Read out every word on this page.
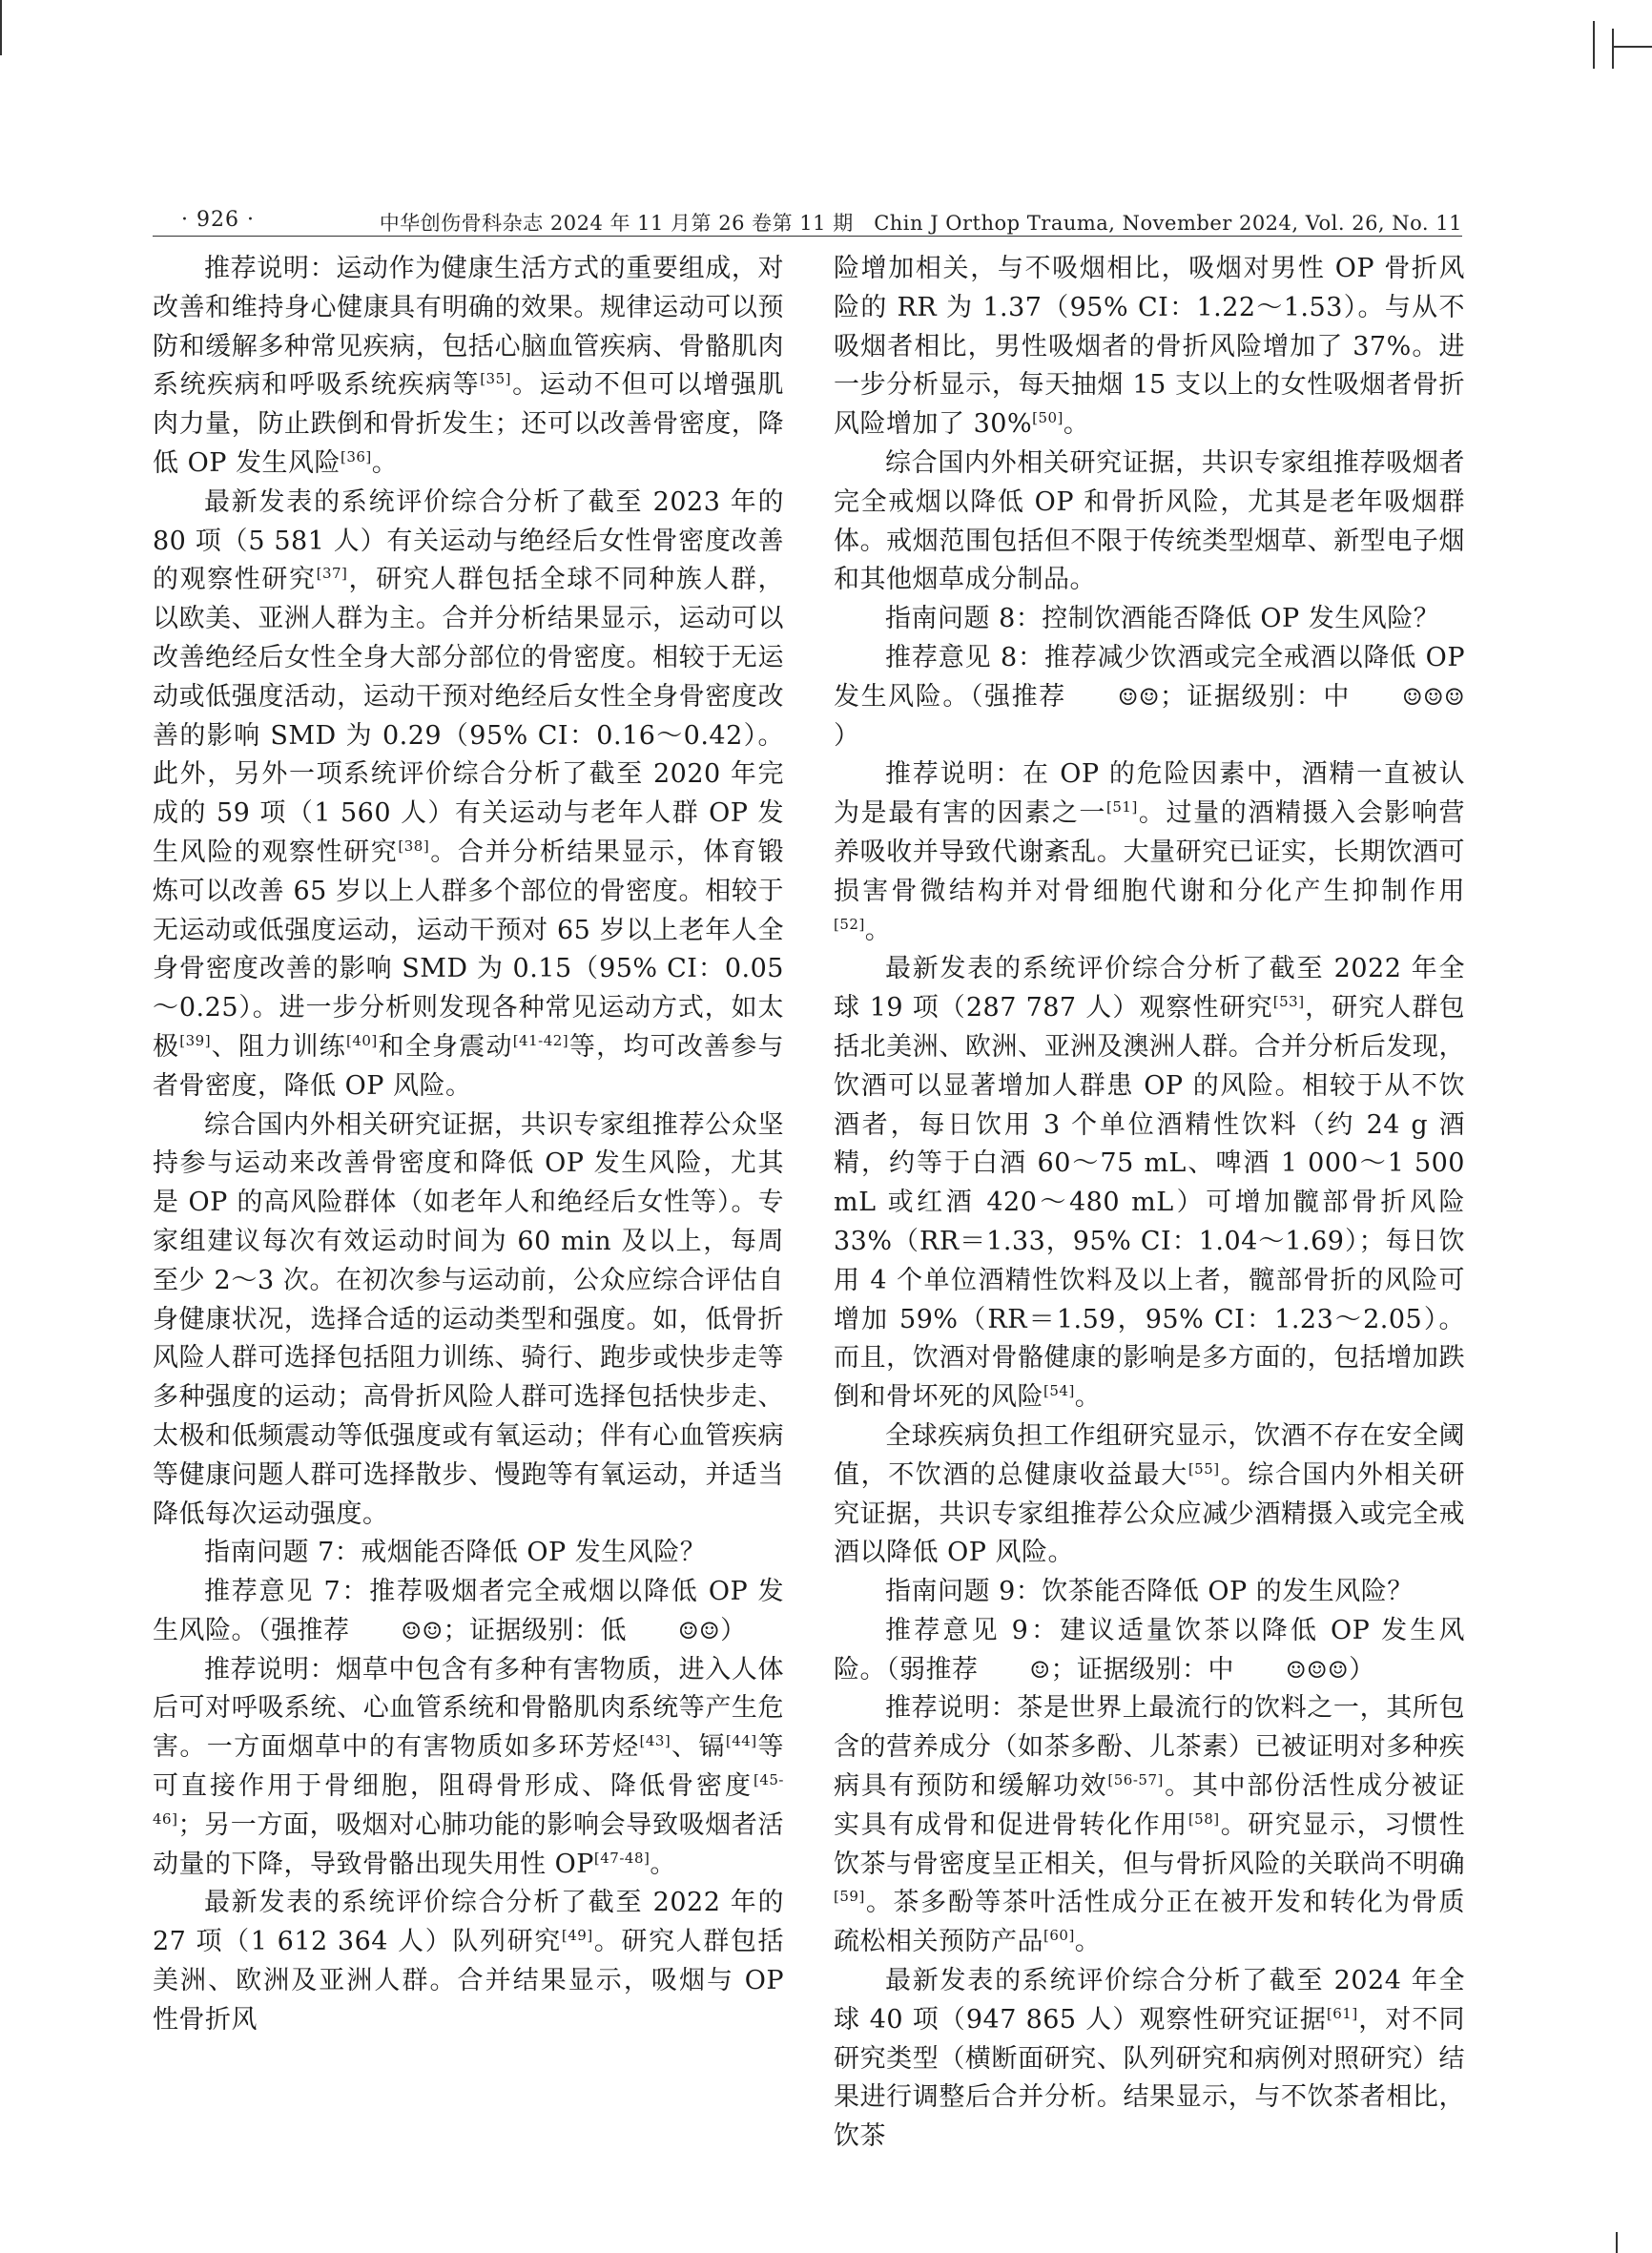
· 926 ·	中华创伤骨科杂志 2024 年 11 月第 26 卷第 11 期　Chin J Orthop Trauma, November 2024, Vol. 26, No. 11

推荐说明：运动作为健康生活方式的重要组成，对改善和维持身心健康具有明确的效果。规律运动可以预防和缓解多种常见疾病，包括心脑血管疾病、骨骼肌肉系统疾病和呼吸系统疾病等[35]。运动不但可以增强肌肉力量，防止跌倒和骨折发生；还可以改善骨密度，降低 OP 发生风险[36]。

最新发表的系统评价综合分析了截至 2023 年的 80 项（5 581 人）有关运动与绝经后女性骨密度改善的观察性研究[37]，研究人群包括全球不同种族人群，以欧美、亚洲人群为主。合并分析结果显示，运动可以改善绝经后女性全身大部分部位的骨密度。相较于无运动或低强度活动，运动干预对绝经后女性全身骨密度改善的影响 SMD 为 0.29（95% CI：0.16～0.42）。此外，另外一项系统评价综合分析了截至 2020 年完成的 59 项（1 560 人）有关运动与老年人群 OP 发生风险的观察性研究[38]。合并分析结果显示，体育锻炼可以改善 65 岁以上人群多个部位的骨密度。相较于无运动或低强度运动，运动干预对 65 岁以上老年人全身骨密度改善的影响 SMD 为 0.15（95% CI：0.05～0.25）。进一步分析则发现各种常见运动方式，如太极[39]、阻力训练[40]和全身震动[41-42]等，均可改善参与者骨密度，降低 OP 风险。

综合国内外相关研究证据，共识专家组推荐公众坚持参与运动来改善骨密度和降低 OP 发生风险，尤其是 OP 的高风险群体（如老年人和绝经后女性等）。专家组建议每次有效运动时间为 60 min 及以上，每周至少 2～3 次。在初次参与运动前，公众应综合评估自身健康状况，选择合适的运动类型和强度。如，低骨折风险人群可选择包括阻力训练、骑行、跑步或快步走等多种强度的运动；高骨折风险人群可选择包括快步走、太极和低频震动等低强度或有氧运动；伴有心血管疾病等健康问题人群可选择散步、慢跑等有氧运动，并适当降低每次运动强度。

指南问题 7：戒烟能否降低 OP 发生风险？

推荐意见 7：推荐吸烟者完全戒烟以降低 OP 发生风险。（强推荐 ☺☺；证据级别：低 ☺☺）

推荐说明：烟草中包含有多种有害物质，进入人体后可对呼吸系统、心血管系统和骨骼肌肉系统等产生危害。一方面烟草中的有害物质如多环芳烃[43]、镉[44]等可直接作用于骨细胞，阻碍骨形成、降低骨密度[45-46]；另一方面，吸烟对心肺功能的影响会导致吸烟者活动量的下降，导致骨骼出现失用性 OP[47-48]。

最新发表的系统评价综合分析了截至 2022 年的 27 项（1 612 364 人）队列研究[49]。研究人群包括美洲、欧洲及亚洲人群。合并结果显示，吸烟与 OP 性骨折风

险增加相关，与不吸烟相比，吸烟对男性 OP 骨折风险的 RR 为 1.37（95% CI：1.22～1.53）。与从不吸烟者相比，男性吸烟者的骨折风险增加了 37%。进一步分析显示，每天抽烟 15 支以上的女性吸烟者骨折风险增加了 30%[50]。

综合国内外相关研究证据，共识专家组推荐吸烟者完全戒烟以降低 OP 和骨折风险，尤其是老年吸烟群体。戒烟范围包括但不限于传统类型烟草、新型电子烟和其他烟草成分制品。

指南问题 8：控制饮酒能否降低 OP 发生风险？

推荐意见 8：推荐减少饮酒或完全戒酒以降低 OP 发生风险。（强推荐 ☺☺；证据级别：中 ☺☺☺）

推荐说明：在 OP 的危险因素中，酒精一直被认为是最有害的因素之一[51]。过量的酒精摄入会影响营养吸收并导致代谢紊乱。大量研究已证实，长期饮酒可损害骨微结构并对骨细胞代谢和分化产生抑制作用[52]。

最新发表的系统评价综合分析了截至 2022 年全球 19 项（287 787 人）观察性研究[53]，研究人群包括北美洲、欧洲、亚洲及澳洲人群。合并分析后发现，饮酒可以显著增加人群患 OP 的风险。相较于从不饮酒者，每日饮用 3 个单位酒精性饮料（约 24 g 酒精，约等于白酒 60～75 mL、啤酒 1 000～1 500 mL 或红酒 420～480 mL）可增加髋部骨折风险 33%（RR＝1.33，95% CI：1.04～1.69）；每日饮用 4 个单位酒精性饮料及以上者，髋部骨折的风险可增加 59%（RR＝1.59，95% CI：1.23～2.05）。而且，饮酒对骨骼健康的影响是多方面的，包括增加跌倒和骨坏死的风险[54]。

全球疾病负担工作组研究显示，饮酒不存在安全阈值，不饮酒的总健康收益最大[55]。综合国内外相关研究证据，共识专家组推荐公众应减少酒精摄入或完全戒酒以降低 OP 风险。

指南问题 9：饮茶能否降低 OP 的发生风险？

推荐意见 9：建议适量饮茶以降低 OP 发生风险。（弱推荐 ☺；证据级别：中 ☺☺☺）

推荐说明：茶是世界上最流行的饮料之一，其所包含的营养成分（如茶多酚、儿茶素）已被证明对多种疾病具有预防和缓解功效[56-57]。其中部份活性成分被证实具有成骨和促进骨转化作用[58]。研究显示，习惯性饮茶与骨密度呈正相关，但与骨折风险的关联尚不明确[59]。茶多酚等茶叶活性成分正在被开发和转化为骨质疏松相关预防产品[60]。

最新发表的系统评价综合分析了截至 2024 年全球 40 项（947 865 人）观察性研究证据[61]，对不同研究类型（横断面研究、队列研究和病例对照研究）结果进行调整后合并分析。结果显示，与不饮茶者相比，饮茶
